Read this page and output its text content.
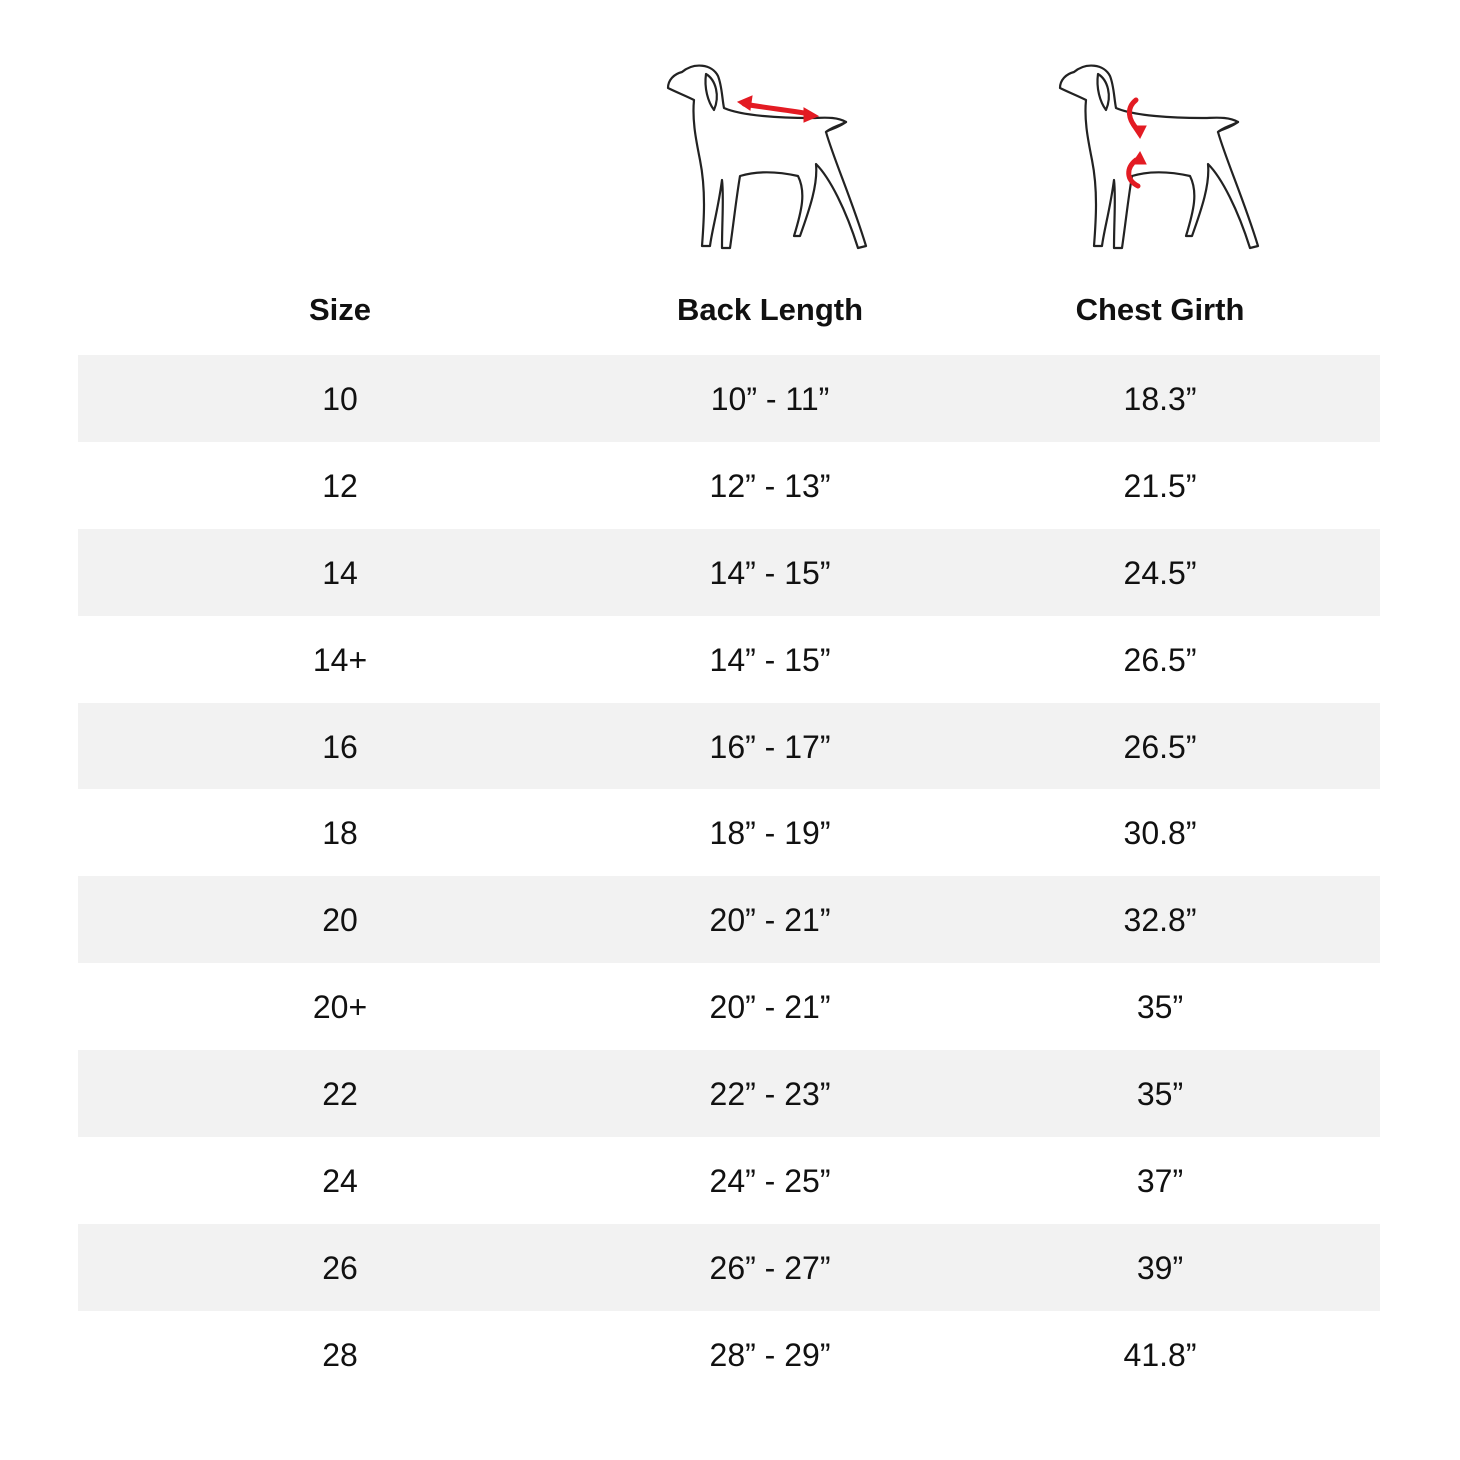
Size	Back Length	Chest Girth
10	10” - 11”	18.3”
12	12” - 13”	21.5”
14	14” - 15”	24.5”
14+	14” - 15”	26.5”
16	16” - 17”	26.5”
18	18” - 19”	30.8”
20	20” - 21”	32.8”
20+	20” - 21”	35”
22	22” - 23”	35”
24	24” - 25”	37”
26	26” - 27”	39”
28	28” - 29”	41.8”
